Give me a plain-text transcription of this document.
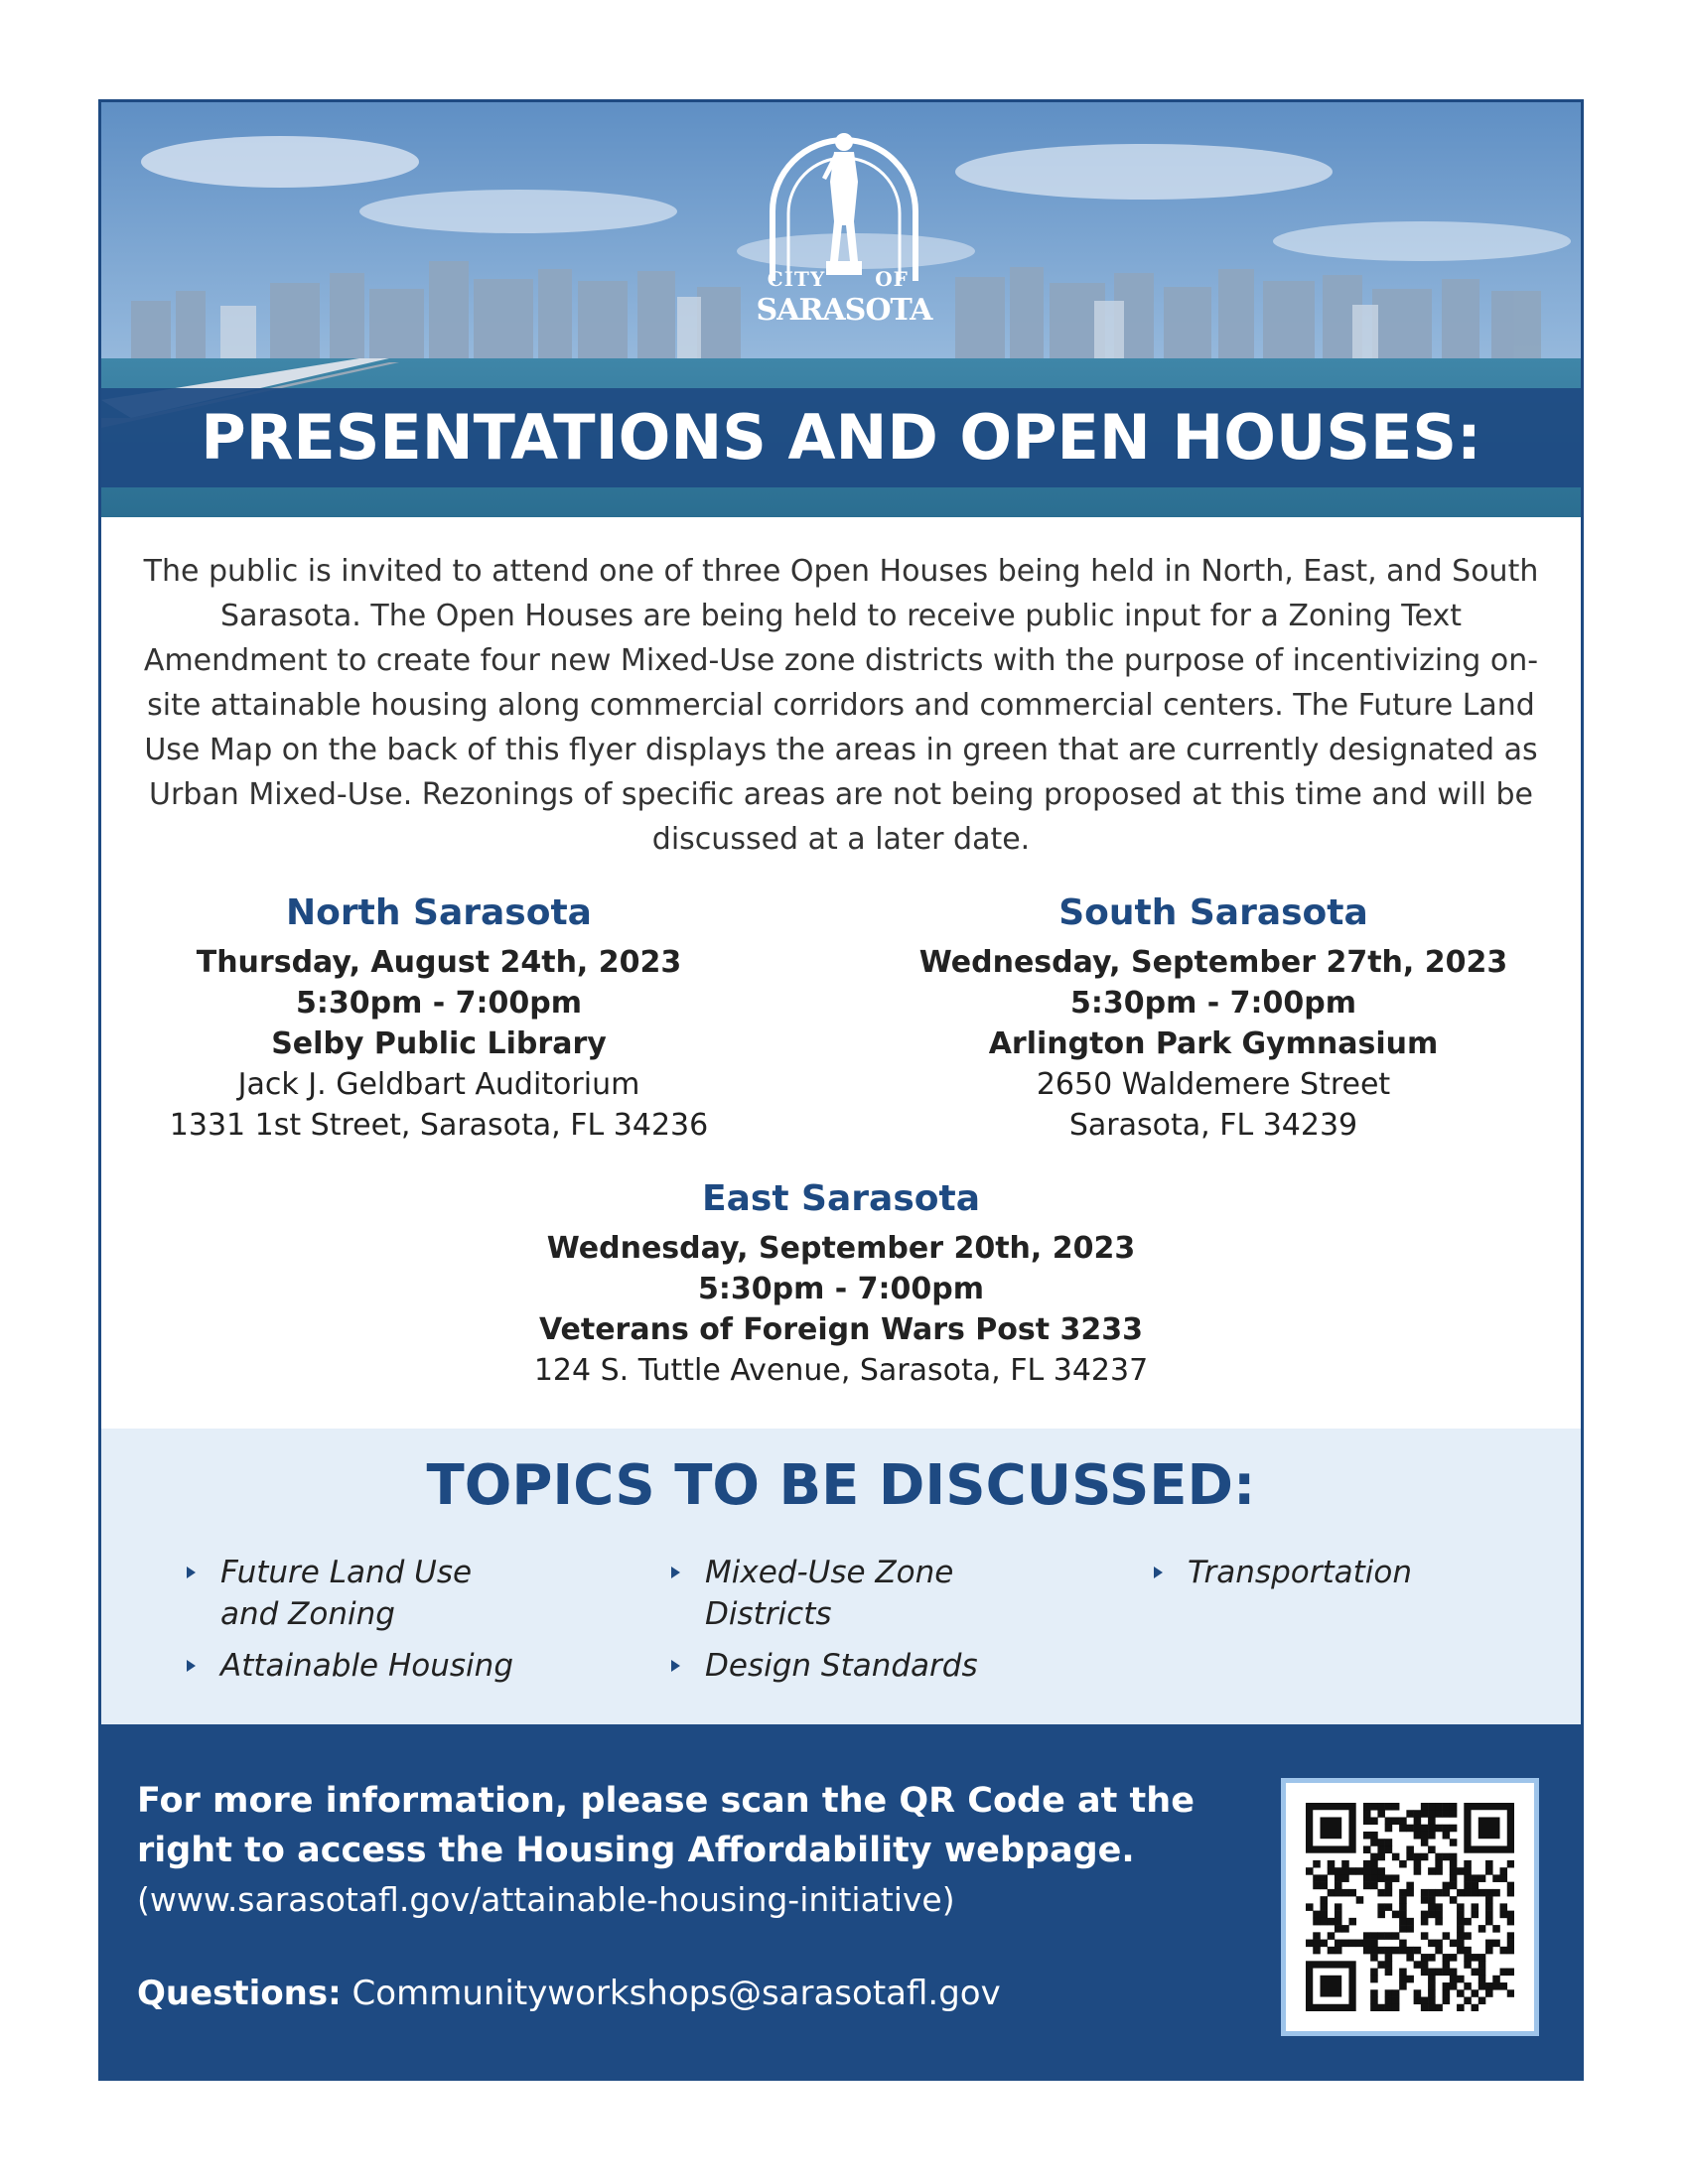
CITY	OF
SARASOTA
PRESENTATIONS AND OPEN HOUSES:
The public is invited to attend one of three Open Houses being held in North, East, and South Sarasota. The Open Houses are being held to receive public input for a Zoning Text Amendment to create four new Mixed-Use zone districts with the purpose of incentivizing on-site attainable housing along commercial corridors and commercial centers. The Future Land Use Map on the back of this flyer displays the areas in green that are currently designated as Urban Mixed-Use. Rezonings of specific areas are not being proposed at this time and will be discussed at a later date.
North Sarasota
Thursday, August 24th, 2023
5:30pm - 7:00pm
Selby Public Library
Jack J. Geldbart Auditorium
1331 1st Street, Sarasota, FL 34236
South Sarasota
Wednesday, September 27th, 2023
5:30pm - 7:00pm
Arlington Park Gymnasium
2650 Waldemere Street
Sarasota, FL 34239
East Sarasota
Wednesday, September 20th, 2023
5:30pm - 7:00pm
Veterans of Foreign Wars Post 3233
124 S. Tuttle Avenue, Sarasota, FL 34237
TOPICS TO BE DISCUSSED:
Future Land Use
and Zoning
Mixed-Use Zone
Districts
Transportation
Attainable Housing	Design Standards
For more information, please scan the QR Code at the
right to access the Housing Affordability webpage.
(www.sarasotafl.gov/attainable-housing-initiative)
Questions: Communityworkshops@sarasotafl.gov
